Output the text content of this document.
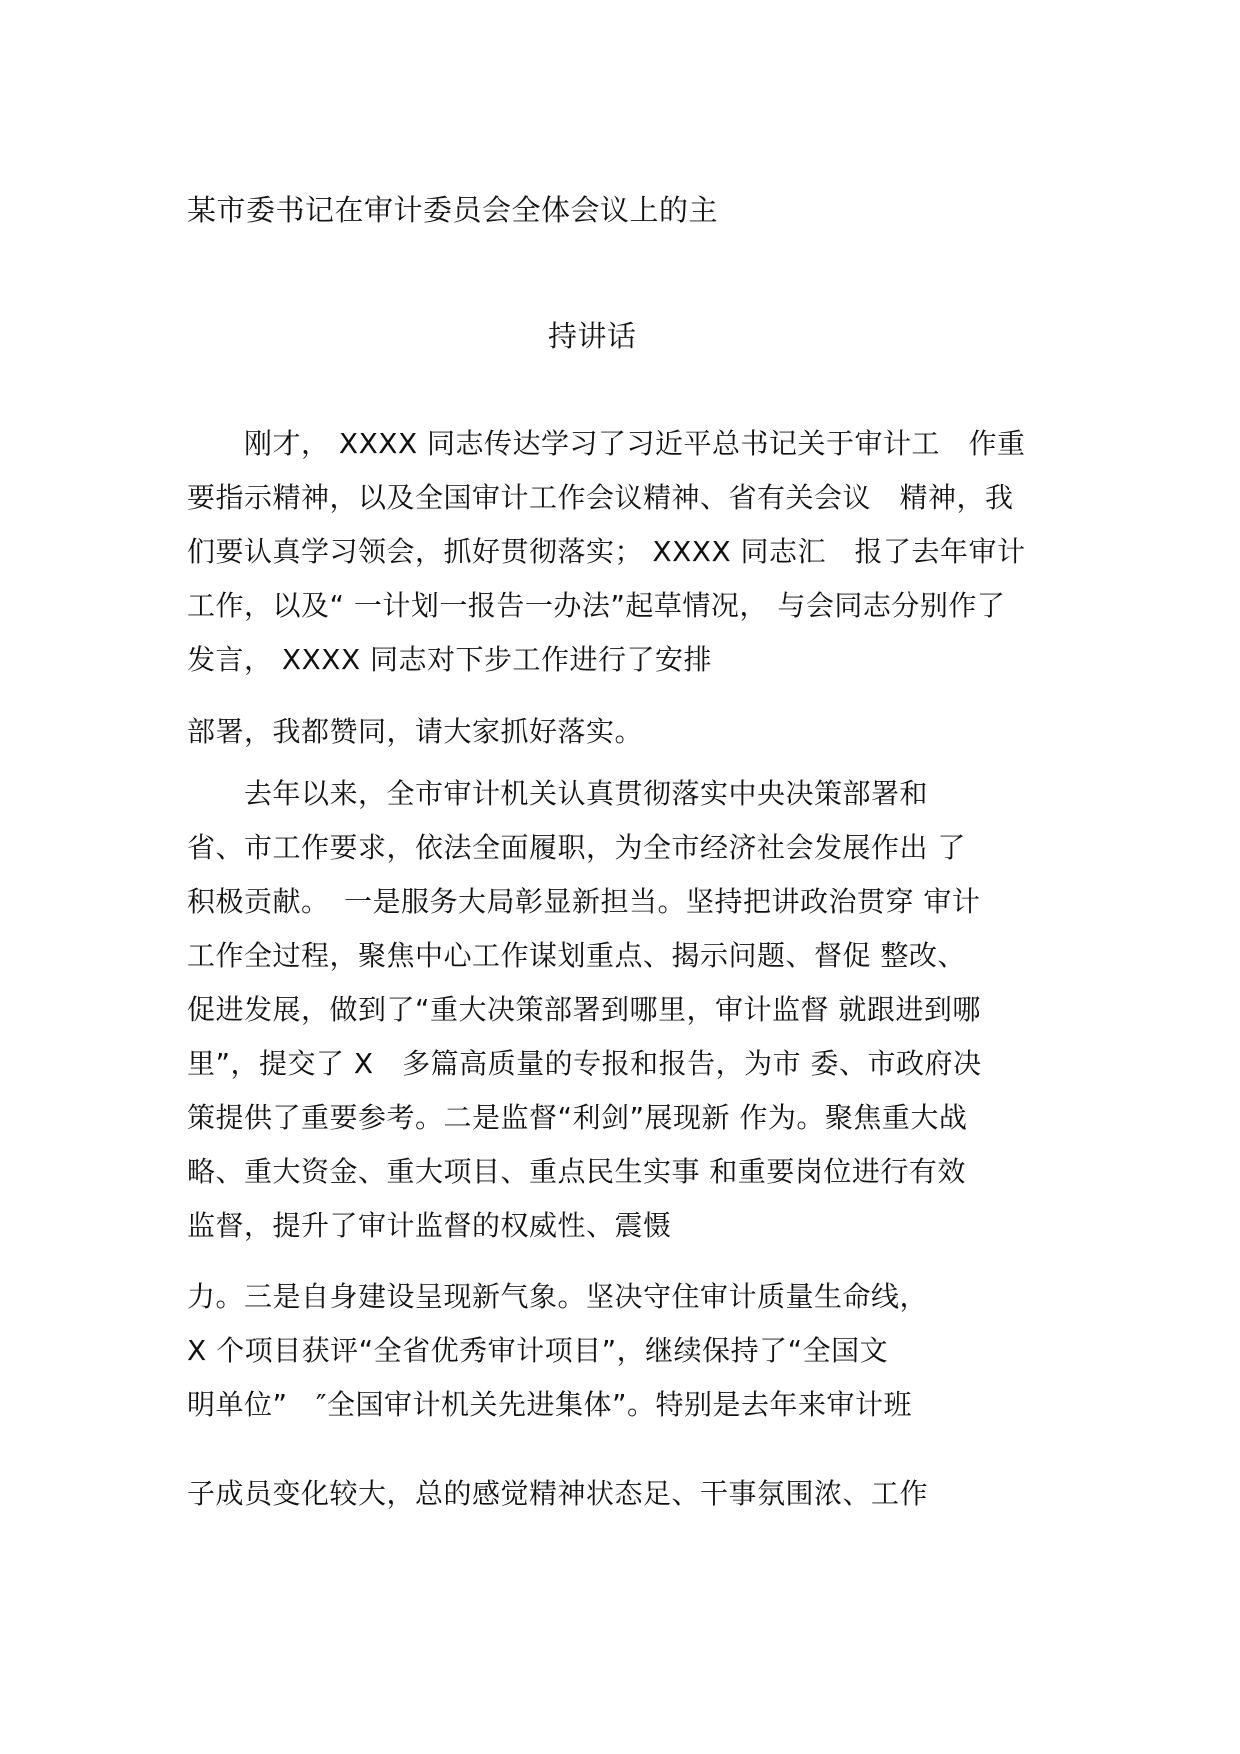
某市委书记在审计委员会全体会议上的主
持讲话
　　刚才， XXXX 同志传达学习了习近平总书记关于审计工　作重
要指示精神，以及全国审计工作会议精神、省有关会议　精神，我
们要认真学习领会，抓好贯彻落实； XXXX 同志汇　报了去年审计
工作，以及“ 一计划一报告一办法”起草情况， 与会同志分别作了
发言， XXXX 同志对下步工作进行了安排
部署，我都赞同，请大家抓好落实。
　　去年以来，全市审计机关认真贯彻落实中央决策部署和
省、市工作要求，依法全面履职，为全市经济社会发展作出 了
积极贡献。　一是服务大局彰显新担当。坚持把讲政治贯穿 审计
工作全过程，聚焦中心工作谋划重点、揭示问题、督促 整改、
促进发展，做到了“重大决策部署到哪里，审计监督 就跟进到哪
里”，提交了 X　多篇高质量的专报和报告，为市 委、市政府决
策提供了重要参考。二是监督“利剑”展现新 作为。聚焦重大战
略、重大资金、重大项目、重点民生实事 和重要岗位进行有效
监督，提升了审计监督的权威性、震慑
力。三是自身建设呈现新气象。坚决守住审计质量生命线，
X 个项目获评“全省优秀审计项目”，继续保持了“全国文
明单位”　″全国审计机关先进集体”。特别是去年来审计班
子成员变化较大，总的感觉精神状态足、干事氛围浓、工作
